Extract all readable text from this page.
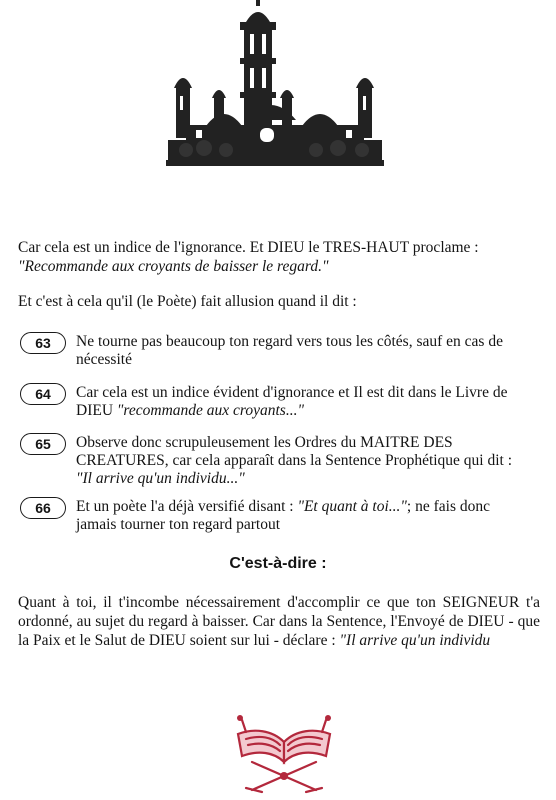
Car cela est un indice de l'ignorance. Et DIEU le TRES-HAUT proclame :
"Recommande aux croyants de baisser le regard."
Et c'est à cela qu'il (le Poète) fait allusion quand il dit :
63	Ne tourne pas beaucoup ton regard vers tous les côtés, sauf en cas de nécessité
64	Car cela est un indice évident d'ignorance et Il est dit dans le Livre de DIEU "recommande aux croyants..."
65	Observe donc scrupuleusement les Ordres du MAITRE DES CREATURES, car cela apparaît dans la Sentence Prophétique qui dit : "Il arrive qu'un individu..."
66	Et un poète l'a déjà versifié disant : "Et quant à toi..."; ne fais donc jamais tourner ton regard partout
C'est-à-dire :
Quant à toi, il t'incombe nécessairement d'accomplir ce que ton SEIGNEUR t'a ordonné, au sujet du regard à baisser. Car dans la Sentence, l'Envoyé de DIEU - que la Paix et le Salut de DIEU soient sur lui - déclare : "Il arrive qu'un individu
